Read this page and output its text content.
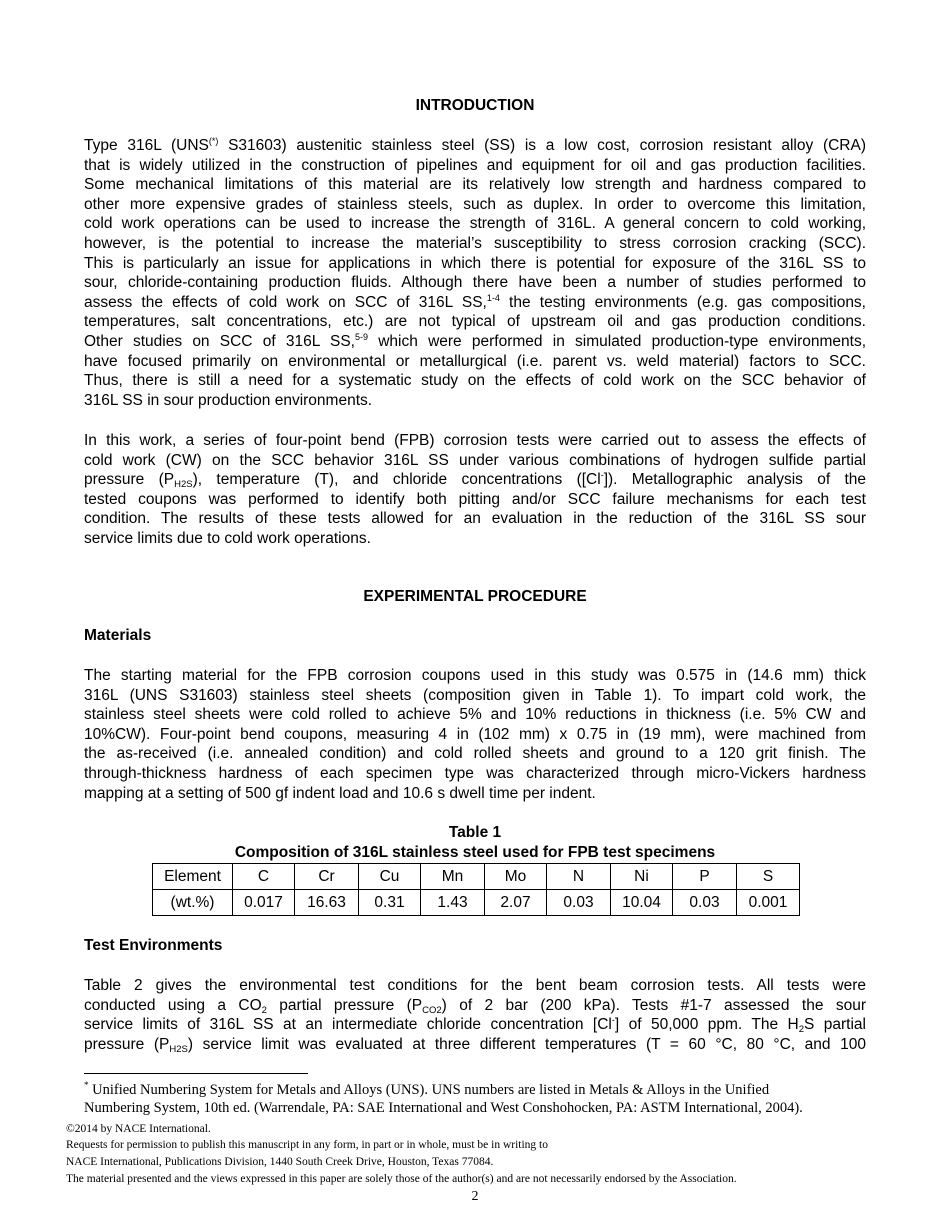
INTRODUCTION
Type 316L (UNS(*) S31603) austenitic stainless steel (SS) is a low cost, corrosion resistant alloy (CRA)
that is widely utilized in the construction of pipelines and equipment for oil and gas production facilities.
Some mechanical limitations of this material are its relatively low strength and hardness compared to
other more expensive grades of stainless steels, such as duplex. In order to overcome this limitation,
cold work operations can be used to increase the strength of 316L. A general concern to cold working,
however, is the potential to increase the material’s susceptibility to stress corrosion cracking (SCC).
This is particularly an issue for applications in which there is potential for exposure of the 316L SS to
sour, chloride-containing production fluids. Although there have been a number of studies performed to
assess the effects of cold work on SCC of 316L SS,$^{1-4}$ the testing environments (e.g. gas compositions,
temperatures, salt concentrations, etc.) are not typical of upstream oil and gas production conditions.
Other studies on SCC of 316L SS,$^{5-9}$ which were performed in simulated production-type environments,
have focused primarily on environmental or metallurgical (i.e. parent vs. weld material) factors to SCC.
Thus, there is still a need for a systematic study on the effects of cold work on the SCC behavior of
316L SS in sour production environments.
In this work, a series of four-point bend (FPB) corrosion tests were carried out to assess the effects of
cold work (CW) on the SCC behavior 316L SS under various combinations of hydrogen sulfide partial
pressure $(P_{H2S})$, temperature (T), and chloride concentrations ([Cl-]). Metallographic analysis of the
tested coupons was performed to identify both pitting and/or SCC failure mechanisms for each test
condition. The results of these tests allowed for an evaluation in the reduction of the 316L SS sour
service limits due to cold work operations.
EXPERIMENTAL PROCEDURE
Materials
The starting material for the FPB corrosion coupons used in this study was 0.575 in (14.6 mm) thick
316L (UNS S31603) stainless steel sheets (composition given in Table 1). To impart cold work, the
stainless steel sheets were cold rolled to achieve 5% and 10% reductions in thickness (i.e. 5% CW and
10%CW). Four-point bend coupons, measuring 4 in (102 mm) x 0.75 in (19 mm), were machined from
the as-received (i.e. annealed condition) and cold rolled sheets and ground to a 120 grit finish. The
through-thickness hardness of each specimen type was characterized through micro-Vickers hardness
mapping at a setting of 500 gf indent load and 10.6 s dwell time per indent.
Table 1
Composition of 316L stainless steel used for FPB test specimens
Element	C	Cr	Cu	Mn	Mo	N	Ni	P	S
(wt.%)	0.017	16.63	0.31	1.43	2.07	0.03	10.04	0.03	0.001
Test Environments
Table 2 gives the environmental test conditions for the bent beam corrosion tests. All tests were
conducted using a $CO_2$ partial pressure $(P_{CO2})$ of 2 bar (200 kPa). Tests #1-7 assessed the sour
service limits of 316L SS at an intermediate chloride concentration [Cl-] of 50,000 ppm. The $H_2S$ partial
pressure $(P_{H2S})$ service limit was evaluated at three different temperatures (T = 60 °C, 80 °C, and 100
* Unified Numbering System for Metals and Alloys (UNS). UNS numbers are listed in Metals & Alloys in the Unified
Numbering System, 10th ed. (Warrendale, PA: SAE International and West Conshohocken, PA: ASTM International, 2004).
©2014 by NACE International.
Requests for permission to publish this manuscript in any form, in part or in whole, must be in writing to
NACE International, Publications Division, 1440 South Creek Drive, Houston, Texas 77084.
The material presented and the views expressed in this paper are solely those of the author(s) and are not necessarily endorsed by the Association.
2
